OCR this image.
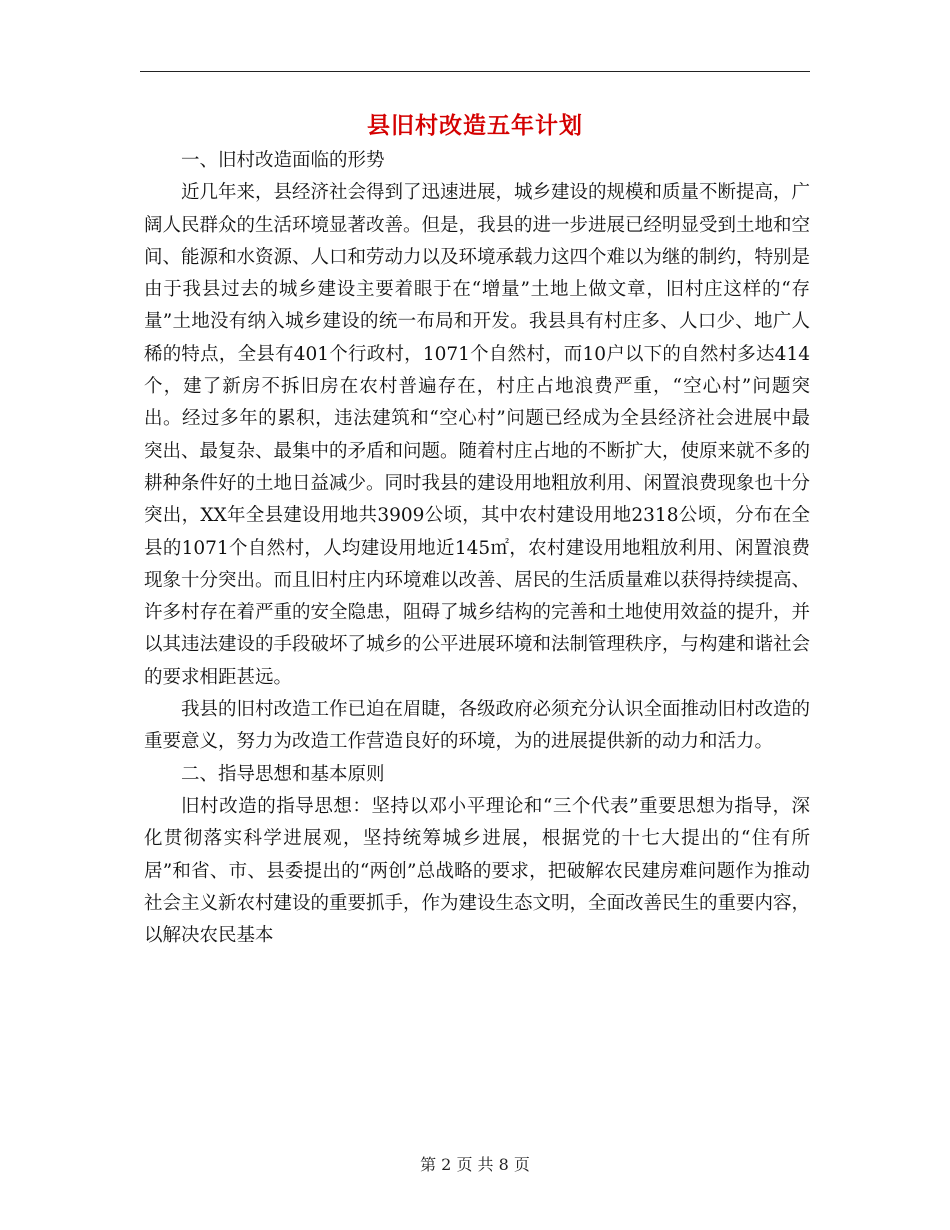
县旧村改造五年计划

一、旧村改造面临的形势

近几年来，县经济社会得到了迅速进展，城乡建设的规模和质量不断提高，广阔人民群众的生活环境显著改善。但是，我县的进一步进展已经明显受到土地和空间、能源和水资源、人口和劳动力以及环境承载力这四个难以为继的制约，特别是由于我县过去的城乡建设主要着眼于在“增量”土地上做文章，旧村庄这样的“存量”土地没有纳入城乡建设的统一布局和开发。我县具有村庄多、人口少、地广人稀的特点，全县有401个行政村，1071个自然村，而10户以下的自然村多达414个，建了新房不拆旧房在农村普遍存在，村庄占地浪费严重，“空心村”问题突出。经过多年的累积，违法建筑和“空心村”问题已经成为全县经济社会进展中最突出、最复杂、最集中的矛盾和问题。随着村庄占地的不断扩大，使原来就不多的耕种条件好的土地日益减少。同时我县的建设用地粗放利用、闲置浪费现象也十分突出，XX年全县建设用地共3909公顷，其中农村建设用地2318公顷，分布在全县的1071个自然村，人均建设用地近145㎡，农村建设用地粗放利用、闲置浪费现象十分突出。而且旧村庄内环境难以改善、居民的生活质量难以获得持续提高、许多村存在着严重的安全隐患，阻碍了城乡结构的完善和土地使用效益的提升，并以其违法建设的手段破坏了城乡的公平进展环境和法制管理秩序，与构建和谐社会的要求相距甚远。

我县的旧村改造工作已迫在眉睫，各级政府必须充分认识全面推动旧村改造的重要意义，努力为改造工作营造良好的环境，为的进展提供新的动力和活力。

二、指导思想和基本原则

旧村改造的指导思想：坚持以邓小平理论和“三个代表”重要思想为指导，深化贯彻落实科学进展观，坚持统筹城乡进展，根据党的十七大提出的“住有所居”和省、市、县委提出的“两创”总战略的要求，把破解农民建房难问题作为推动社会主义新农村建设的重要抓手，作为建设生态文明，全面改善民生的重要内容，以解决农民基本

第 2 页 共 8 页
